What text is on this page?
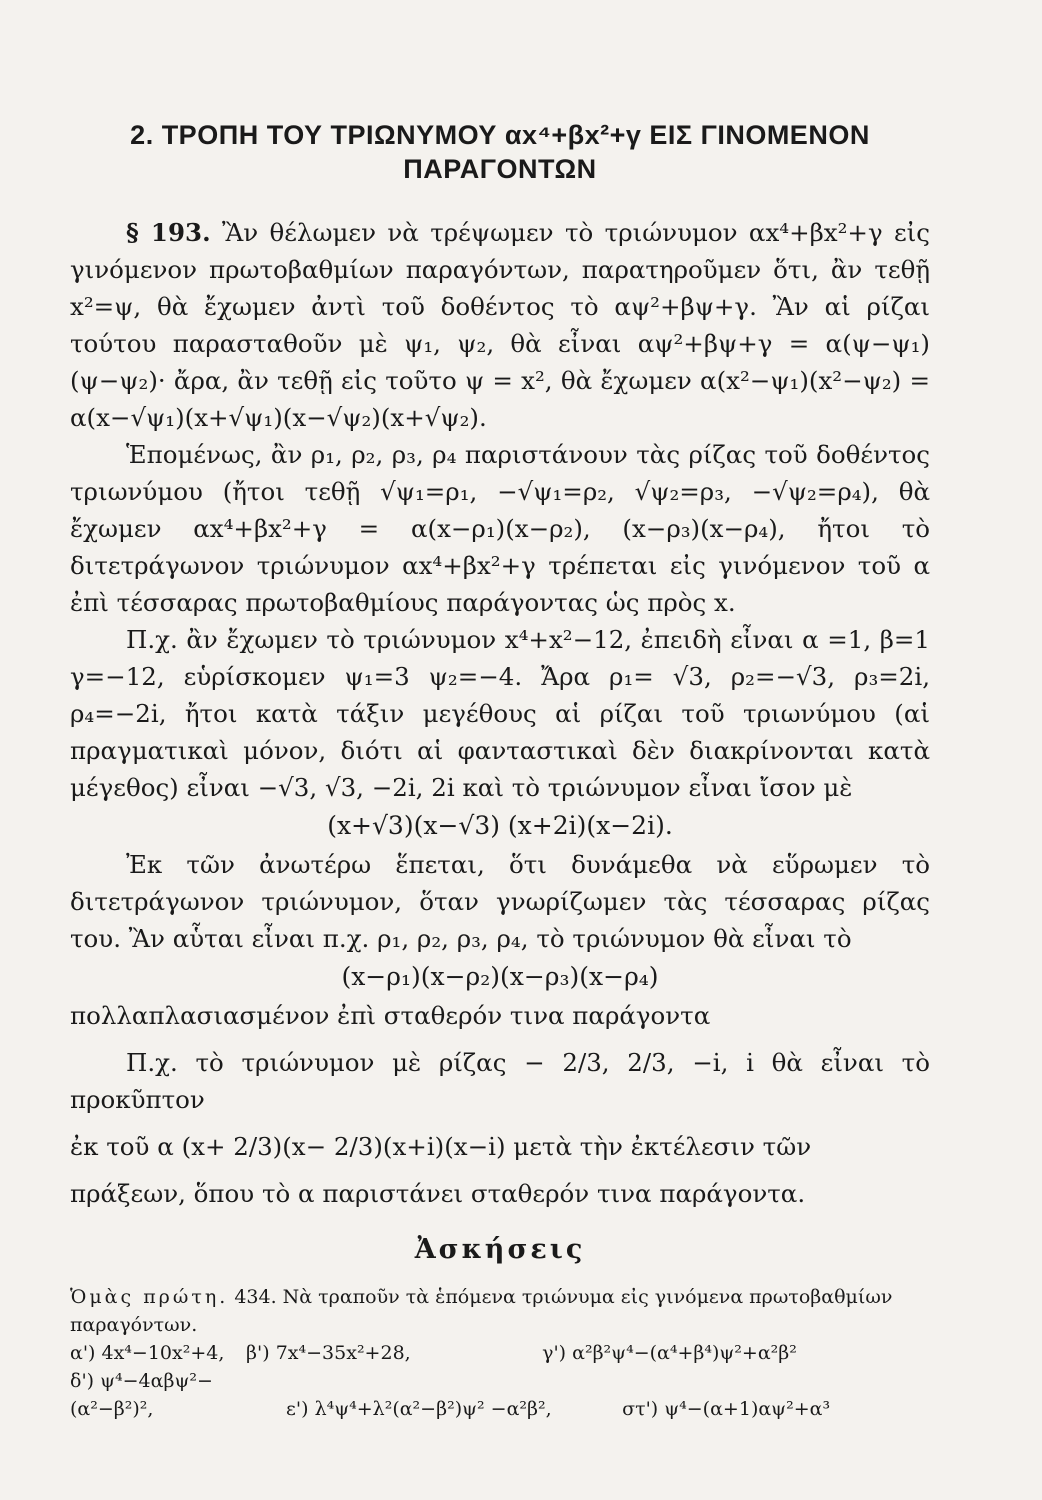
2. ΤΡΟΠΗ ΤΟΥ ΤΡΙΩΝΥΜΟΥ αx⁴+βx²+γ ΕΙΣ ΓΙΝΟΜΕΝΟΝ
ΠΑΡΑΓΟΝΤΩΝ

§ 193. Ἂν θέλωμεν νὰ τρέψωμεν τὸ τριώνυμον αx⁴+βx²+γ εἰς γινόμενον πρωτοβαθμίων παραγόντων, παρατηροῦμεν ὅτι, ἂν τεθῇ x²=ψ, θὰ ἔχωμεν ἀντὶ τοῦ δοθέντος τὸ αψ²+βψ+γ. Ἂν αἱ ρίζαι τούτου παρασταθοῦν μὲ ψ₁, ψ₂, θὰ εἶναι αψ²+βψ+γ = α(ψ−ψ₁)(ψ−ψ₂)· ἄρα, ἂν τεθῇ εἰς τοῦτο ψ = x², θὰ ἔχωμεν α(x²−ψ₁)(x²−ψ₂) = α(x−√ψ₁)(x+√ψ₁)(x−√ψ₂)(x+√ψ₂).

Ἑπομένως, ἂν ρ₁, ρ₂, ρ₃, ρ₄ παριστάνουν τὰς ρίζας τοῦ δοθέντος τριωνύμου (ἤτοι τεθῇ √ψ₁=ρ₁, −√ψ₁=ρ₂, √ψ₂=ρ₃, −√ψ₂=ρ₄), θὰ ἔχωμεν αx⁴+βx²+γ = α(x−ρ₁)(x−ρ₂), (x−ρ₃)(x−ρ₄), ἤτοι τὸ διτετράγωνον τριώνυμον αx⁴+βx²+γ τρέπεται εἰς γινόμενον τοῦ α ἐπὶ τέσσαρας πρωτοβαθμίους παράγοντας ὡς πρὸς x.

Π.χ. ἂν ἔχωμεν τὸ τριώνυμον x⁴+x²−12, ἐπειδὴ εἶναι α =1, β=1 γ=−12, εὑρίσκομεν ψ₁=3 ψ₂=−4. Ἄρα ρ₁= √3, ρ₂=−√3, ρ₃=2i, ρ₄=−2i, ἤτοι κατὰ τάξιν μεγέθους αἱ ρίζαι τοῦ τριωνύμου (αἱ πραγματικαὶ μόνον, διότι αἱ φανταστικαὶ δὲν διακρίνονται κατὰ μέγεθος) εἶναι −√3, √3, −2i, 2i καὶ τὸ τριώνυμον εἶναι ἴσον μὲ

(x+√3)(x−√3) (x+2i)(x−2i).

Ἐκ τῶν ἀνωτέρω ἕπεται, ὅτι δυνάμεθα νὰ εὕρωμεν τὸ διτετράγωνον τριώνυμον, ὅταν γνωρίζωμεν τὰς τέσσαρας ρίζας του. Ἂν αὗται εἶναι π.χ. ρ₁, ρ₂, ρ₃, ρ₄, τὸ τριώνυμον θὰ εἶναι τὸ

(x−ρ₁)(x−ρ₂)(x−ρ₃)(x−ρ₄)

πολλαπλασιασμένον ἐπὶ σταθερόν τινα παράγοντα

Π.χ. τὸ τριώνυμον μὲ ρίζας − 2/3, 2/3, −i, i θὰ εἶναι τὸ προκῦπτον

ἐκ τοῦ α (x+ 2/3)(x− 2/3)(x+i)(x−i) μετὰ τὴν ἐκτέλεσιν τῶν

πράξεων, ὅπου τὸ α παριστάνει σταθερόν τινα παράγοντα.

Ἀσκήσεις

Ὁμὰς πρώτη. 434. Νὰ τραποῦν τὰ ἑπόμενα τριώνυμα εἰς γινόμενα πρωτοβαθμίων παραγόντων.

α') 4x⁴−10x²+4, β') 7x⁴−35x²+28,	γ') α²β²ψ⁴−(α⁴+β⁴)ψ²+α²β²
δ') ψ⁴−4αβψ²−(α²−β²)²,	ε') λ⁴ψ⁴+λ²(α²−β²)ψ² −α²β²,	στ') ψ⁴−(α+1)αψ²+α³
